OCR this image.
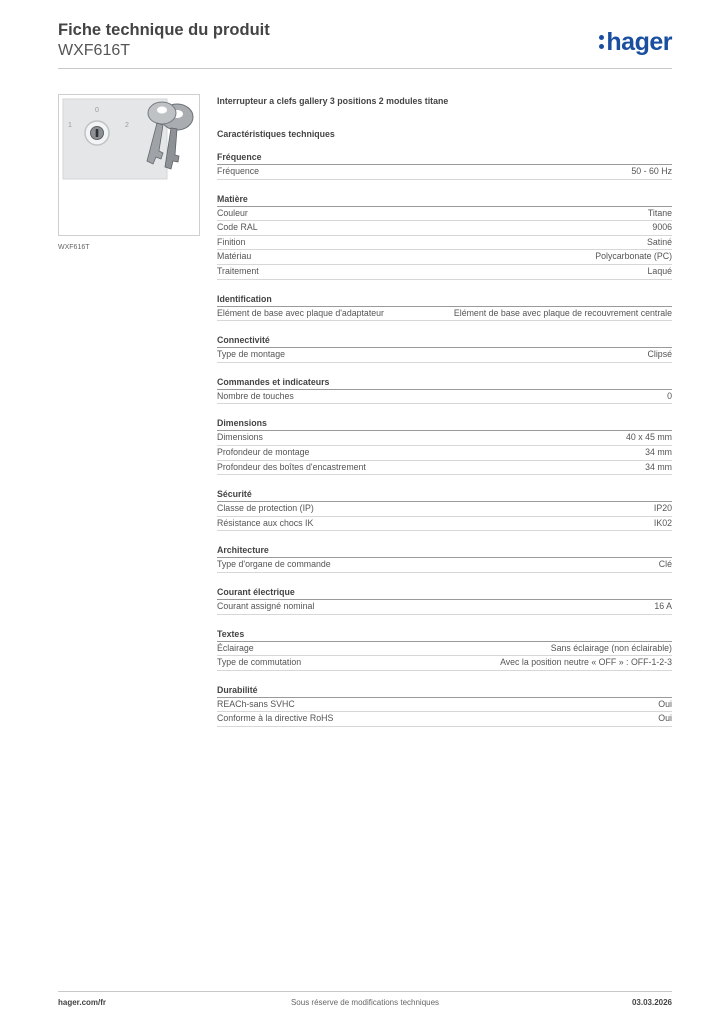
Fiche technique du produit
WXF616T	hager
0
1	2
WXF616T
Interrupteur a clefs gallery 3 positions 2 modules titane
Caractéristiques techniques
Fréquence
Fréquence	50 - 60 Hz
Matière
Couleur	Titane
Code RAL	9006
Finition	Satiné
Matériau	Polycarbonate (PC)
Traitement	Laqué
Identification
Elément de base avec plaque d'adaptateur	Elément de base avec plaque de recouvrement centrale
Connectivité
Type de montage	Clipsé
Commandes et indicateurs
Nombre de touches	0
Dimensions
Dimensions	40 x 45 mm
Profondeur de montage	34 mm
Profondeur des boîtes d'encastrement	34 mm
Sécurité
Classe de protection (IP)	IP20
Résistance aux chocs IK	IK02
Architecture
Type d'organe de commande	Clé
Courant électrique
Courant assigné nominal	16 A
Textes
Éclairage	Sans éclairage (non éclairable)
Type de commutation	Avec la position neutre « OFF » : OFF-1-2-3
Durabilité
REACh-sans SVHC	Oui
Conforme à la directive RoHS	Oui
hager.com/fr	Sous réserve de modifications techniques	03.03.2026
